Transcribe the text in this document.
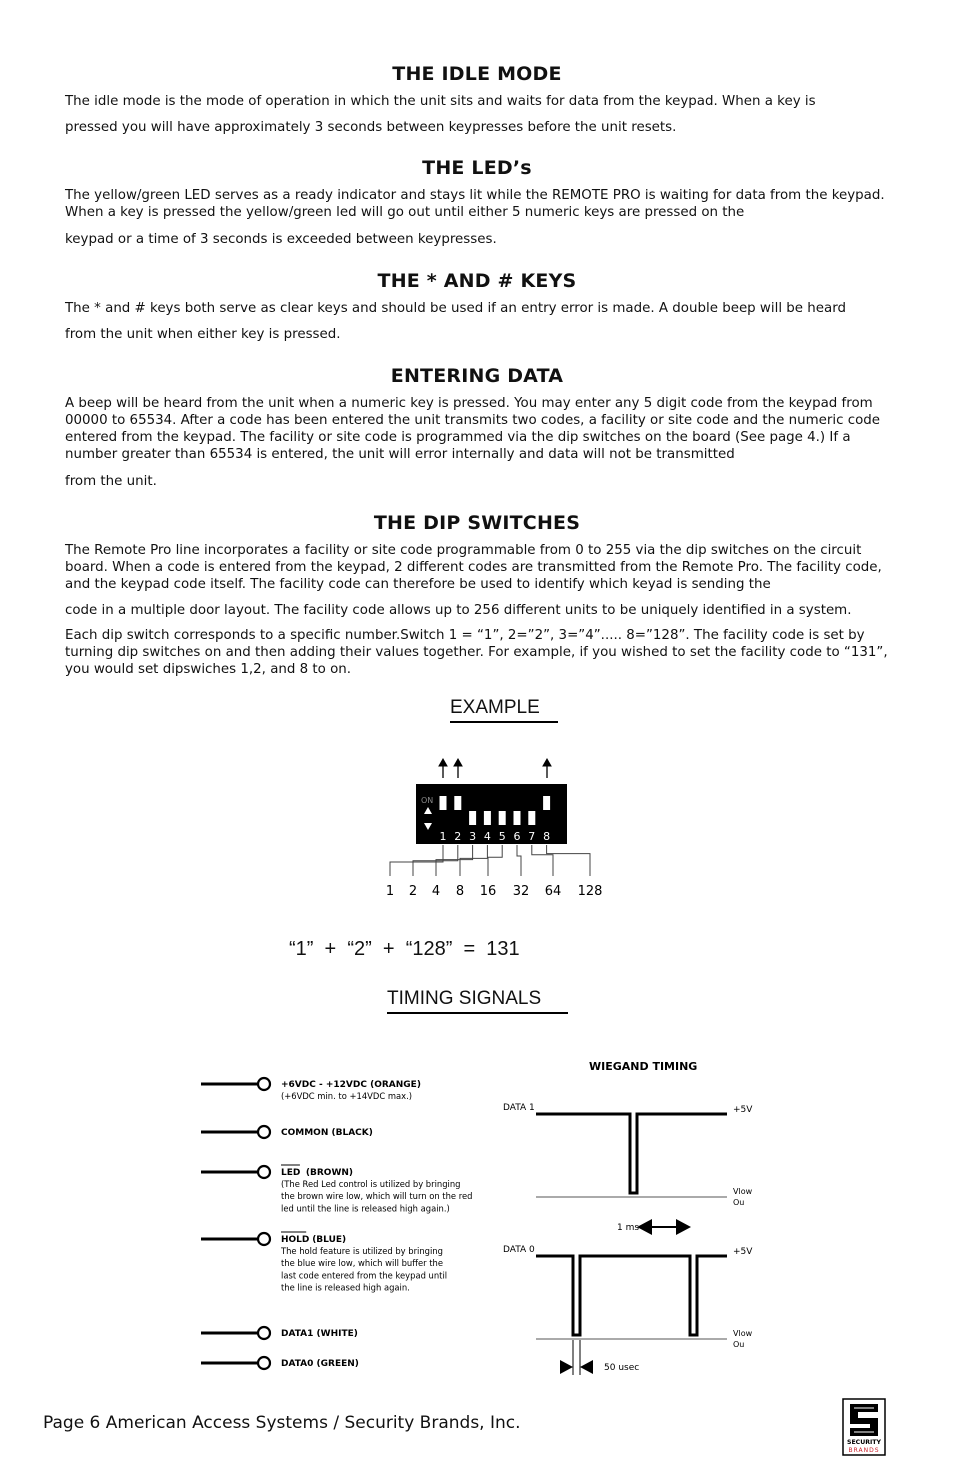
THE IDLE MODE

The idle mode is the mode of operation in which the unit sits and waits for data from the keypad. When a key is

pressed you will have approximately 3 seconds between keypresses before the unit resets.

THE LED’s

The yellow/green LED serves as a ready indicator and stays lit while the REMOTE PRO is waiting for data from the keypad. When a key is pressed the yellow/green led will go out until either 5 numeric keys are pressed on the

keypad or a time of 3 seconds is exceeded between keypresses.

THE * AND # KEYS

The * and # keys both serve as clear keys and should be used if an entry error is made. A double beep will be heard

from the unit when either key is pressed.

ENTERING DATA

A beep will be heard from the unit when a numeric key is pressed. You may enter any 5 digit code from the keypad from 00000 to 65534. After a code has been entered the unit transmits two codes, a facility or site code and the numeric code entered from the keypad. The facility or site code is programmed via the dip switches on the board (See page 4.) If a number greater than 65534 is entered, the unit will error internally and data will not be transmitted

from the unit.

THE DIP SWITCHES

The Remote Pro line incorporates a facility or site code programmable from 0 to 255 via the dip switches on the circuit board. When a code is entered from the keypad, 2 different codes are transmitted from the Remote Pro. The facility code, and the keypad code itself. The facility code can therefore be used to identify which keyad is sending the

code in a multiple door layout. The facility code allows up to 256 different units to be uniquely identified in a system.

Each dip switch corresponds to a specific number.Switch 1 = “1”, 2=”2”, 3=”4”..... 8=”128”. The facility code is set by turning dip switches on and then adding their values together. For example, if you wished to set the facility code to “131”, you would set dipswiches 1,2, and 8 to on.

EXAMPLE
ON
1 2 3 4 5 6 7 8
1 2 4 8 16 32 64 128
“1”  +  “2”  +  “128”  =  131
TIMING SIGNALS
+6VDC - +12VDC (ORANGE)
(+6VDC min. to +14VDC max.)
COMMON (BLACK)
LED (BROWN)
(The Red Led control is utilized by bringing
the brown wire low, which will turn on the red
led until the line is released high again.)
HOLD (BLUE)
The hold feature is utilized by bringing
the blue wire low, which will buffer the
last code entered from the keypad until
the line is released high again.
DATA1 (WHITE)
DATA0 (GREEN)
WIEGAND TIMING
DATA 1	+5V
Vlow
Ou
1 ms
DATA 0	+5V
Vlow
Ou
50 usec
Page 6 American Access Systems / Security Brands, Inc.
SECURITY
BRANDS
